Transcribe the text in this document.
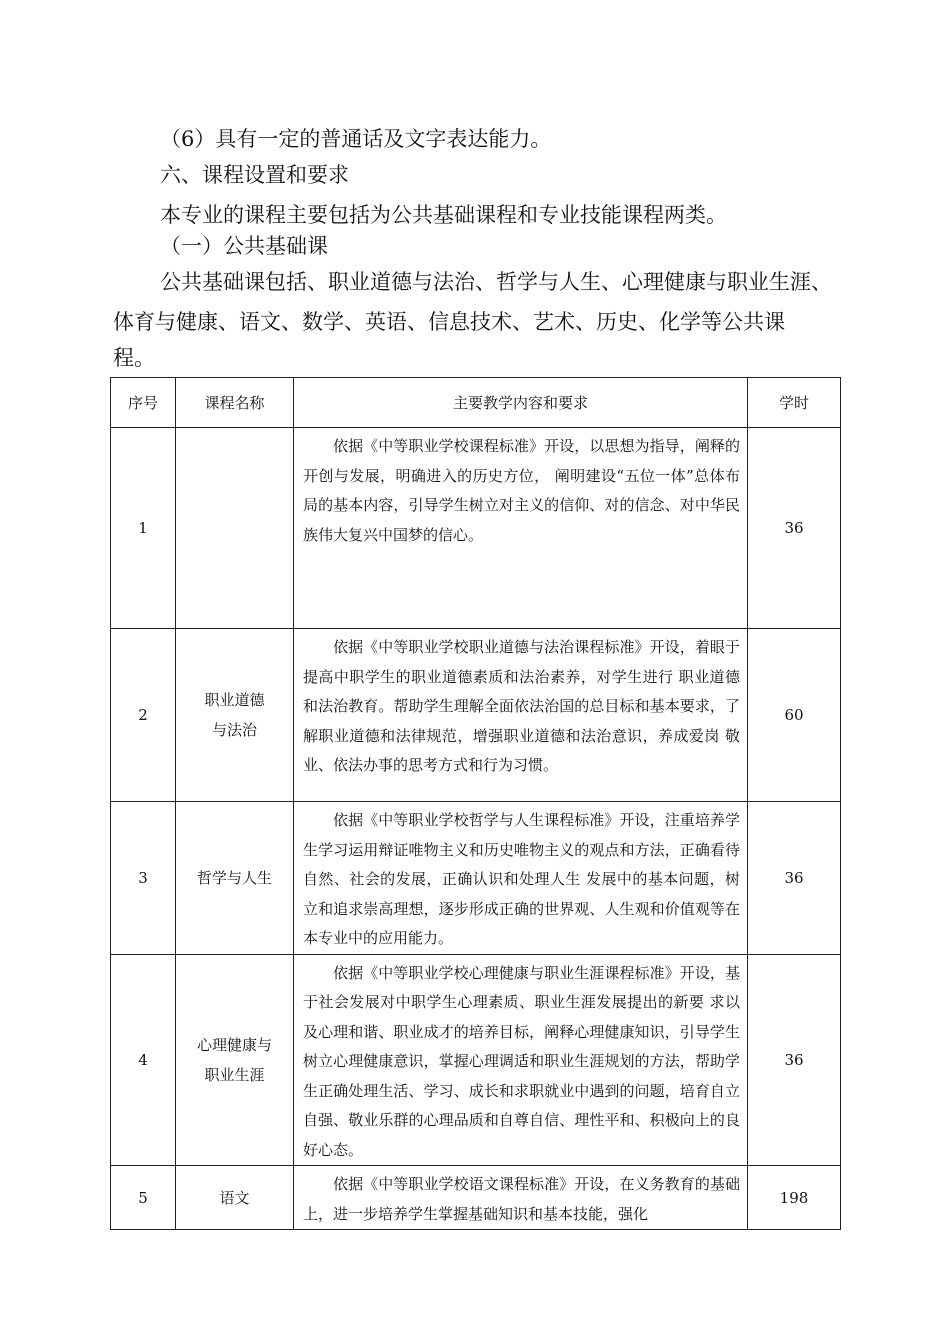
（6）具有一定的普通话及文字表达能力。
六、课程设置和要求
本专业的课程主要包括为公共基础课程和专业技能课程两类。
（一）公共基础课
公共基础课包括、职业道德与法治、哲学与人生、心理健康与职业生涯、
体育与健康、语文、数学、英语、信息技术、艺术、历史、化学等公共课
程。
序号	课程名称	主要教学内容和要求	学时
1		依据《中等职业学校课程标准》开设，以思想为指导，阐释的开创与发展，明确进入的历史方位， 阐明建设“五位一体”总体布局的基本内容，引导学生树立对主义的信仰、对的信念、对中华民族伟大复兴中国梦的信心。	36
2	职业道德与法治	依据《中等职业学校职业道德与法治课程标准》开设，着眼于提高中职学生的职业道德素质和法治素养，对学生进行 职业道德和法治教育。帮助学生理解全面依法治国的总目标和基本要求，了解职业道德和法律规范，增强职业道德和法治意识，养成爱岗 敬业、依法办事的思考方式和行为习惯。	60
3	哲学与人生	依据《中等职业学校哲学与人生课程标准》开设，注重培养学生学习运用辩证唯物主义和历史唯物主义的观点和方法，正确看待自然、社会的发展，正确认识和处理人生 发展中的基本问题，树立和追求崇高理想，逐步形成正确的世界观、人生观和价值观等在本专业中的应用能力。	36
4	心理健康与职业生涯	依据《中等职业学校心理健康与职业生涯课程标准》开设，基于社会发展对中职学生心理素质、职业生涯发展提出的新要 求以及心理和谐、职业成才的培养目标，阐释心理健康知识，引导学生树立心理健康意识，掌握心理调适和职业生涯规划的方法，帮助学生正确处理生活、学习、成长和求职就业中遇到的问题，培育自立自强、敬业乐群的心理品质和自尊自信、理性平和、积极向上的良好心态。	36
5	语文	依据《中等职业学校语文课程标准》开设，在义务教育的基础上，进一步培养学生掌握基础知识和基本技能，强化	198
